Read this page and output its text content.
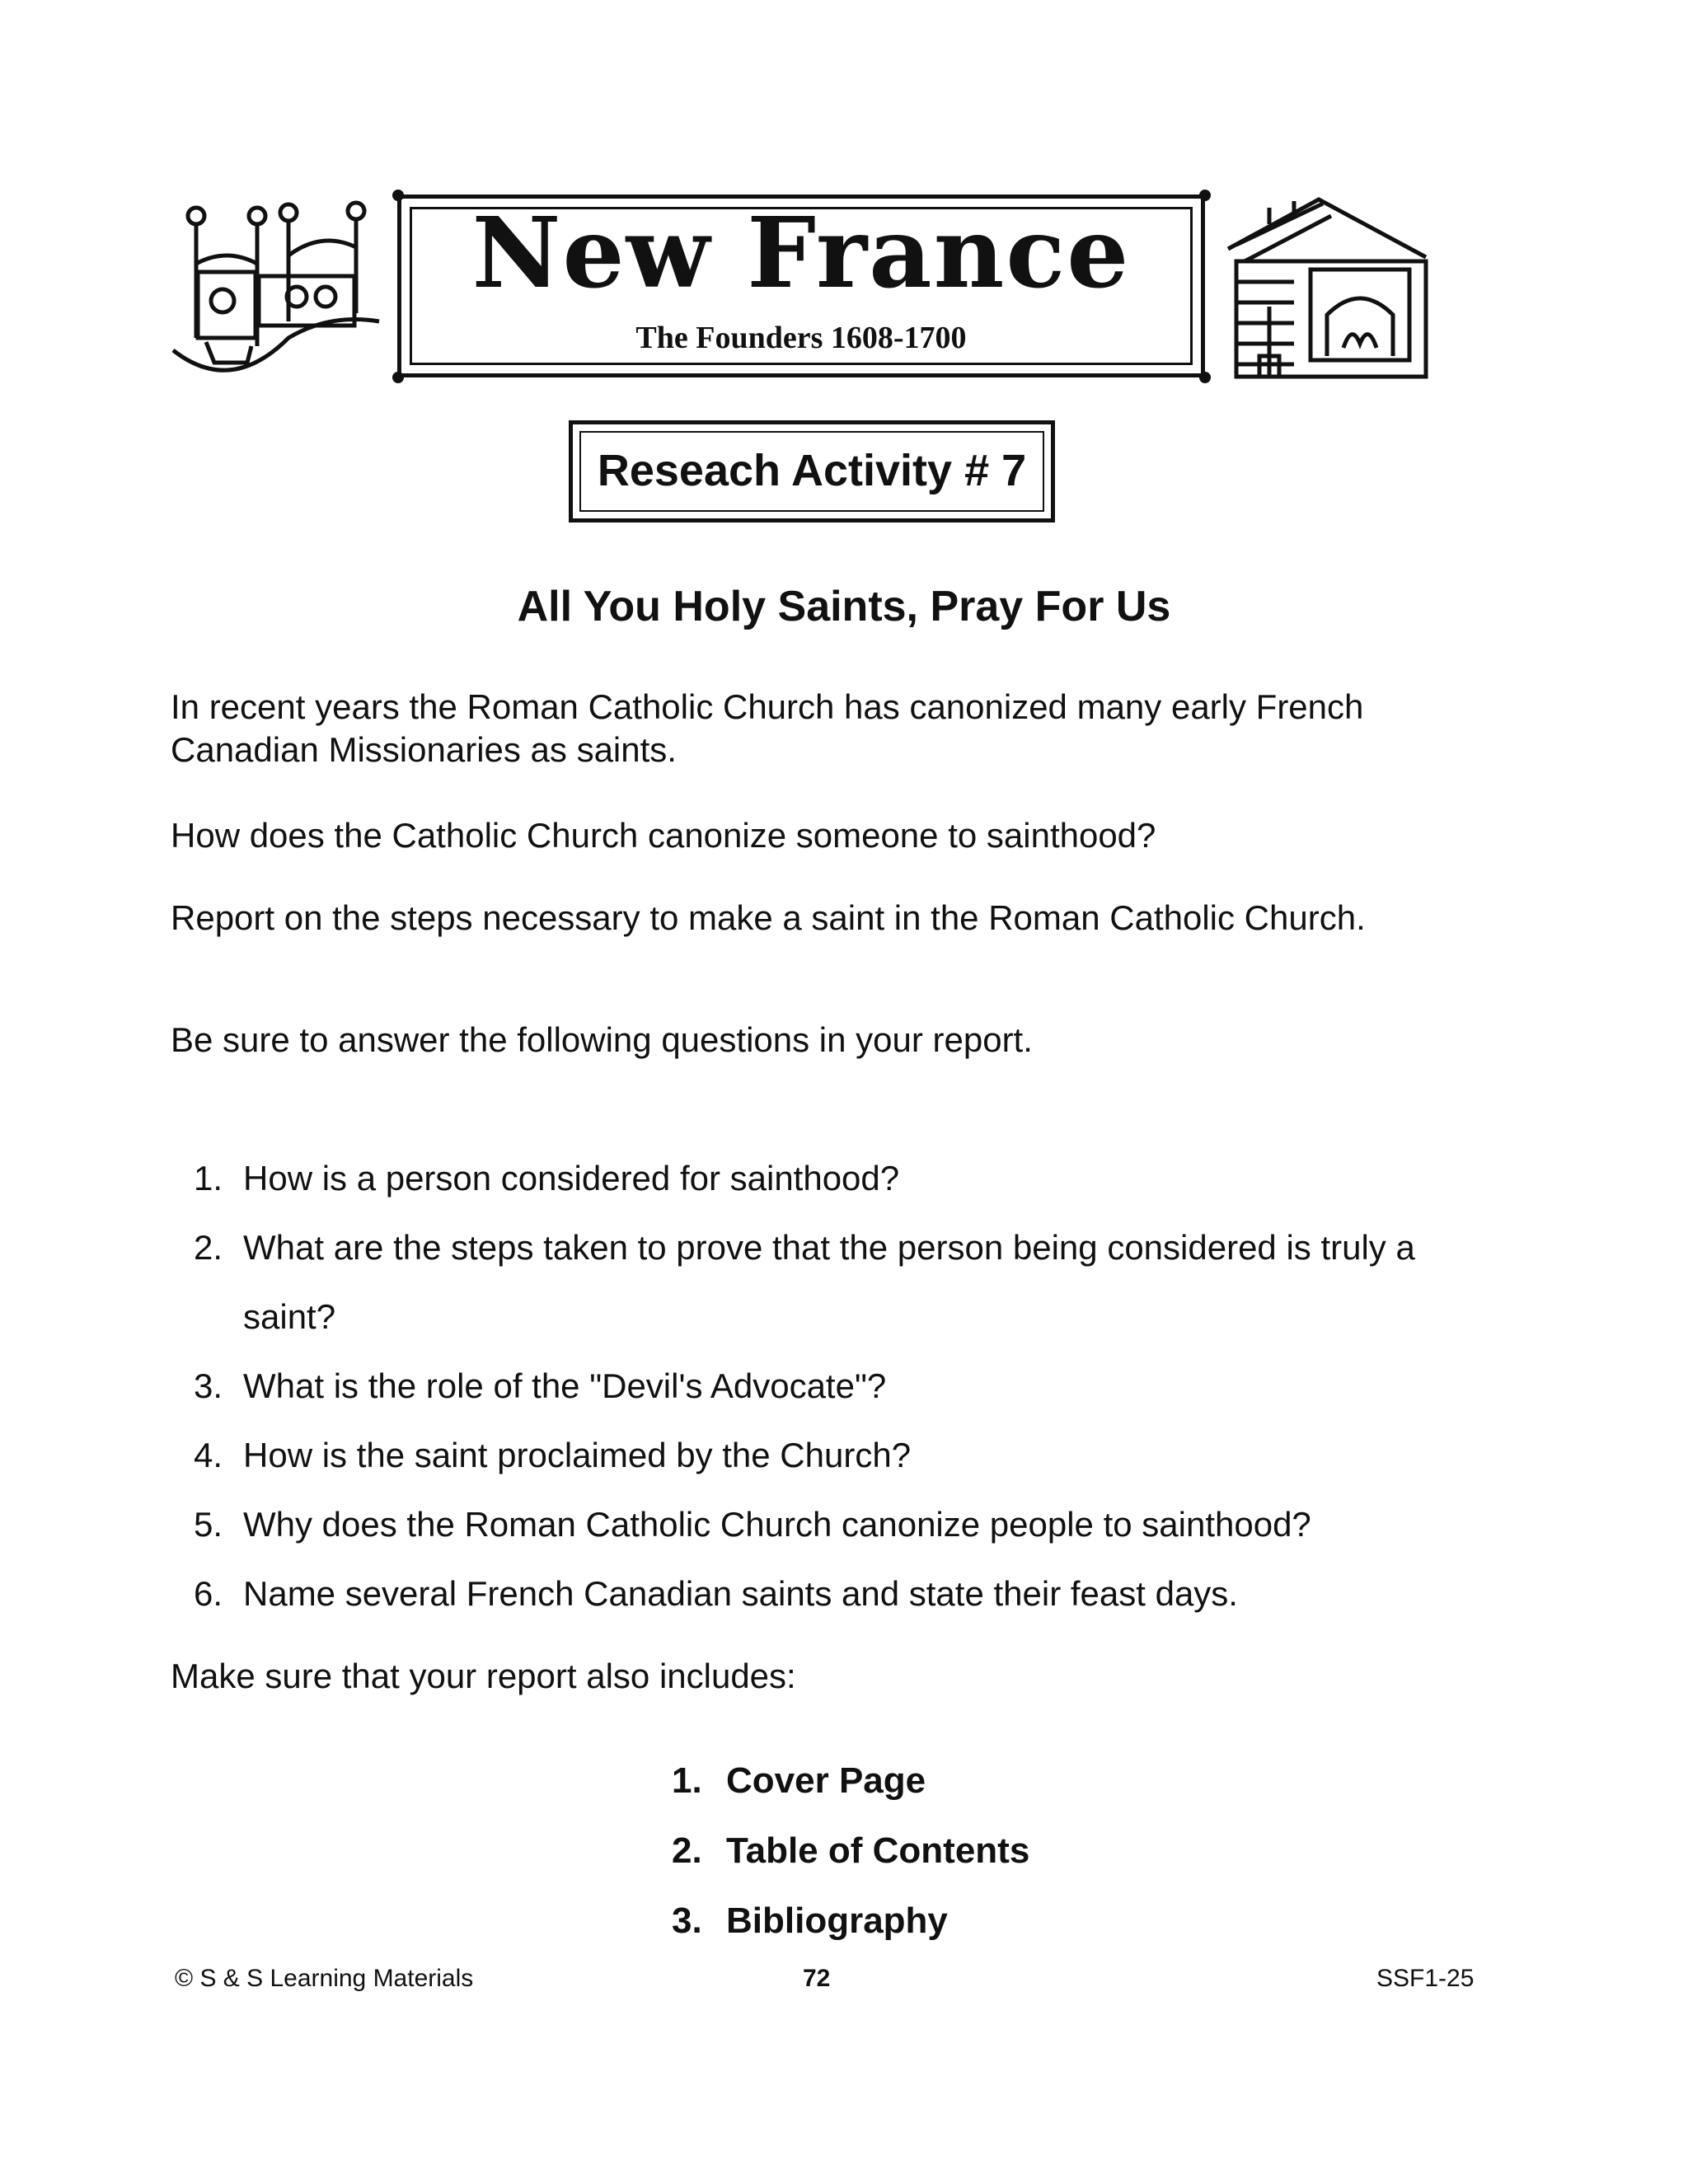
New France
The Founders 1608-1700
Reseach Activity # 7
All You Holy Saints, Pray For Us
In recent years the Roman Catholic Church has canonized many early French Canadian Missionaries as saints.
How does the Catholic Church canonize someone to sainthood?
Report on the steps necessary to make a saint in the Roman Catholic Church.
Be sure to answer the following questions in your report.
1. How is a person considered for sainthood?
2. What are the steps taken to prove that the person being considered is truly a saint?
3. What is the role of the "Devil's Advocate"?
4. How is the saint proclaimed by the Church?
5. Why does the Roman Catholic Church canonize people to sainthood?
6. Name several French Canadian saints and state their feast days.
Make sure that your report also includes:
1. Cover Page
2. Table of Contents
3. Bibliography
© S & S Learning Materials	72	SSF1-25
